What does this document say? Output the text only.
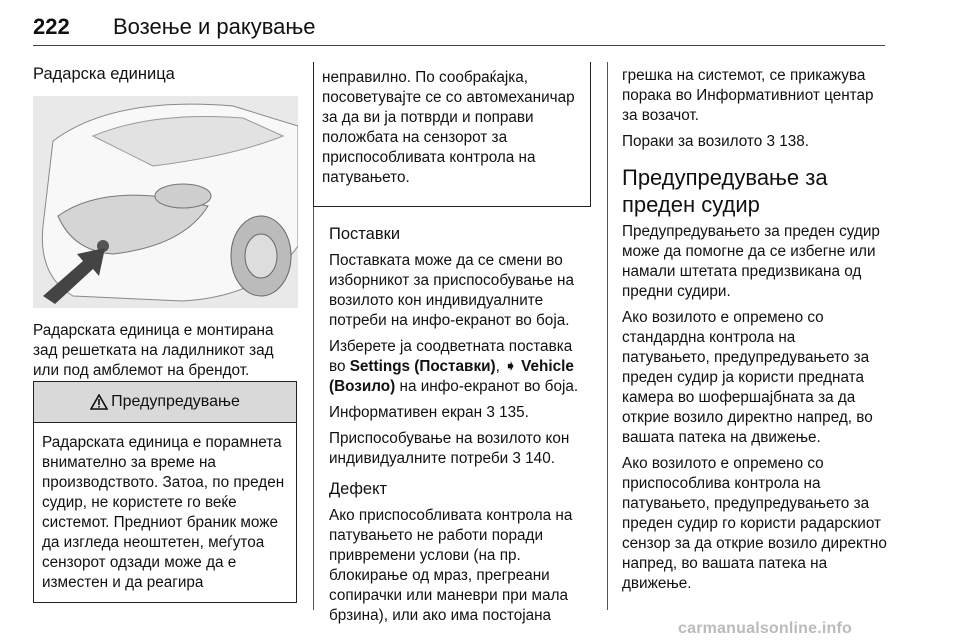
222 Возење и ракување
Радарска единица

Радарската единица е монтирана зад решетката на ладилникот зад или под амблемот на брендот.

Предупредување
Радарската единица е порамнета внимателно за време на производството. Затоа, по преден судир, не користете го веќе системот. Предниот браник може да изгледа неоштетен, меѓутоа сензорот одзади може да е изместен и да реагира
неправилно. По сообраќајка, посоветувајте се со автомеханичар за да ви ја потврди и поправи положбата на сензорот за приспособливата контрола на патувањето.
Поставки

Поставката може да се смени во изборникот за приспособување на возилото кон индивидуалните потреби на инфо-екранот во боја.

Изберете ја соодветната поставка во Settings (Поставки), ➧ Vehicle (Возило) на инфо-екранот во боја.

Информативен екран 3 135.

Приспособување на возилото кон индивидуалните потреби 3 140.

Дефект

Ако приспособливата контрола на патувањето не работи поради привремени услови (на пр. блокирање од мраз, прегреани сопирачки или маневри при мала брзина), или ако има постојана

грешка на системот, се прикажува порака во Информативниот центар за возачот.

Пораки за возилото 3 138.

Предупредување за преден судир

Предупредувањето за преден судир може да помогне да се избегне или намали штетата предизвикана од предни судири.

Ако возилото е опремено со стандардна контрола на патувањето, предупредувањето за преден судир ја користи предната камера во шофершајбната за да открие возило директно напред, во вашата патека на движење.

Ако возилото е опремено со приспособлива контрола на патувањето, предупредувањето за преден судир го користи радарскиот сензор за да открие возило директно напред, во вашата патека на движење.

carmanualsonline.info
